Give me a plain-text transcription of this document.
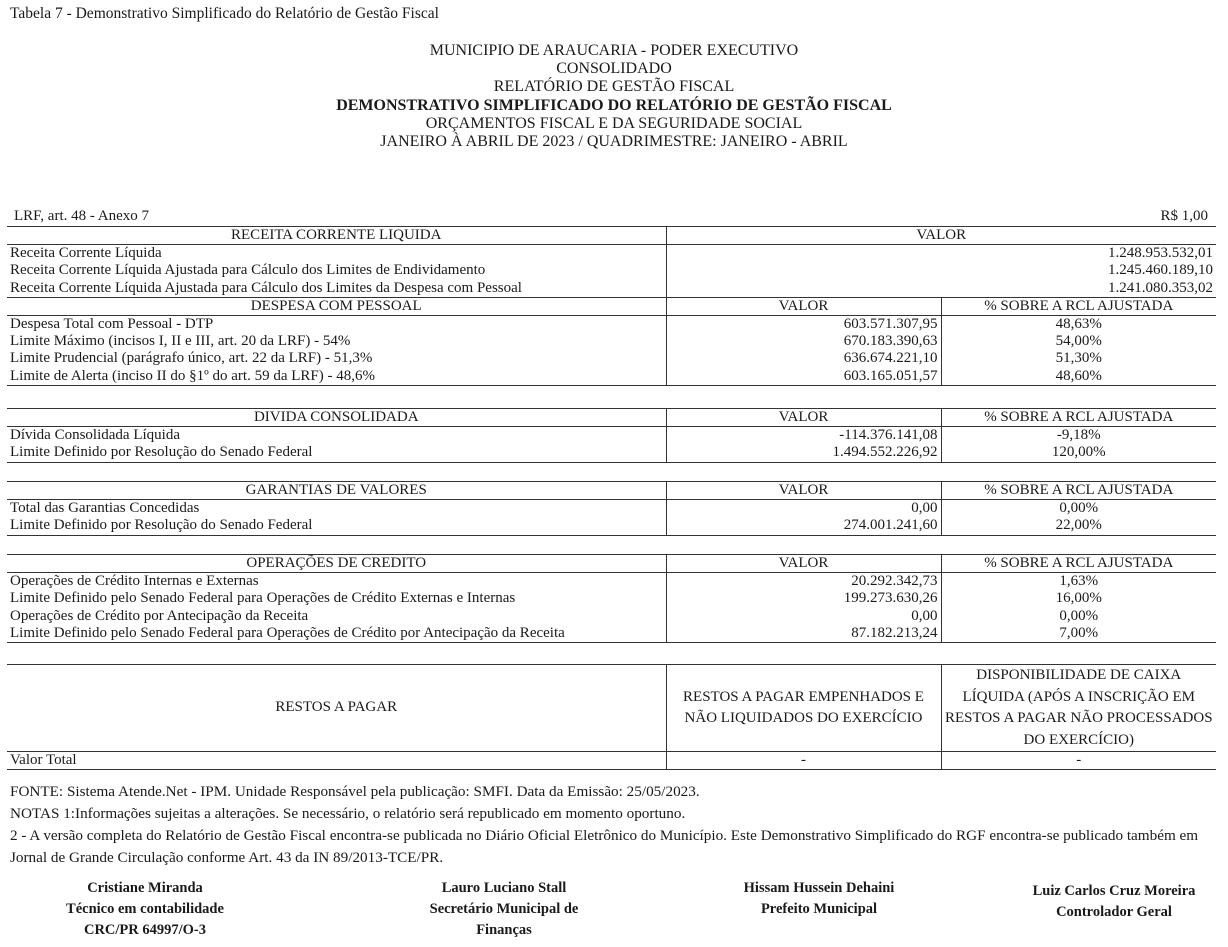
Tabela 7 - Demonstrativo Simplificado do Relatório de Gestão Fiscal
MUNICIPIO DE ARAUCARIA - PODER EXECUTIVO
CONSOLIDADO
RELATÓRIO DE GESTÃO FISCAL
DEMONSTRATIVO SIMPLIFICADO DO RELATÓRIO DE GESTÃO FISCAL
ORÇAMENTOS FISCAL E DA SEGURIDADE SOCIAL
JANEIRO À ABRIL DE 2023 / QUADRIMESTRE: JANEIRO - ABRIL
LRF, art. 48 - Anexo 7	R$ 1,00
RECEITA CORRENTE LIQUIDA	VALOR	
Receita Corrente Líquida	1.248.953.532,01	
Receita Corrente Líquida Ajustada para Cálculo dos Limites de Endividamento	1.245.460.189,10	
Receita Corrente Líquida Ajustada para Cálculo dos Limites da Despesa com Pessoal	1.241.080.353,02	
DESPESA COM PESSOAL	VALOR	% SOBRE A RCL AJUSTADA
Despesa Total com Pessoal - DTP	603.571.307,95	48,63%
Limite Máximo (incisos I, II e III, art. 20 da LRF) - 54%	670.183.390,63	54,00%
Limite Prudencial (parágrafo único, art. 22 da LRF) - 51,3%	636.674.221,10	51,30%
Limite de Alerta (inciso II do §1º do art. 59 da LRF) - 48,6%	603.165.051,57	48,60%
DIVIDA CONSOLIDADA	VALOR	% SOBRE A RCL AJUSTADA
Dívida Consolidada Líquida	-114.376.141,08	-9,18%
Limite Definido por Resolução do Senado Federal	1.494.552.226,92	120,00%
GARANTIAS DE VALORES	VALOR	% SOBRE A RCL AJUSTADA
Total das Garantias Concedidas	0,00	0,00%
Limite Definido por Resolução do Senado Federal	274.001.241,60	22,00%
OPERAÇÕES DE CREDITO	VALOR	% SOBRE A RCL AJUSTADA
Operações de Crédito Internas e Externas	20.292.342,73	1,63%
Limite Definido pelo Senado Federal para Operações de Crédito Externas e Internas	199.273.630,26	16,00%
Operações de Crédito por Antecipação da Receita	0,00	0,00%
Limite Definido pelo Senado Federal para Operações de Crédito por Antecipação da Receita	87.182.213,24	7,00%
RESTOS A PAGAR	RESTOS A PAGAR EMPENHADOS E NÃO LIQUIDADOS DO EXERCÍCIO	DISPONIBILIDADE DE CAIXA LÍQUIDA (APÓS A INSCRIÇÃO EM RESTOS A PAGAR NÃO PROCESSADOS DO EXERCÍCIO)
Valor Total	-	-
FONTE: Sistema Atende.Net - IPM. Unidade Responsável pela publicação: SMFI. Data da Emissão: 25/05/2023.
NOTAS 1:Informações sujeitas a alterações. Se necessário, o relatório será republicado em momento oportuno.
2 - A versão completa do Relatório de Gestão Fiscal encontra-se publicada no Diário Oficial Eletrônico do Município. Este Demonstrativo Simplificado do RGF encontra-se publicado também em Jornal de Grande Circulação conforme Art. 43 da IN 89/2013-TCE/PR.
Cristiane Miranda
Técnico em contabilidade
CRC/PR 64997/O-3
Lauro Luciano Stall
Secretário Municipal de
Finanças
Hissam Hussein Dehaini
Prefeito Municipal
Luiz Carlos Cruz Moreira
Controlador Geral
